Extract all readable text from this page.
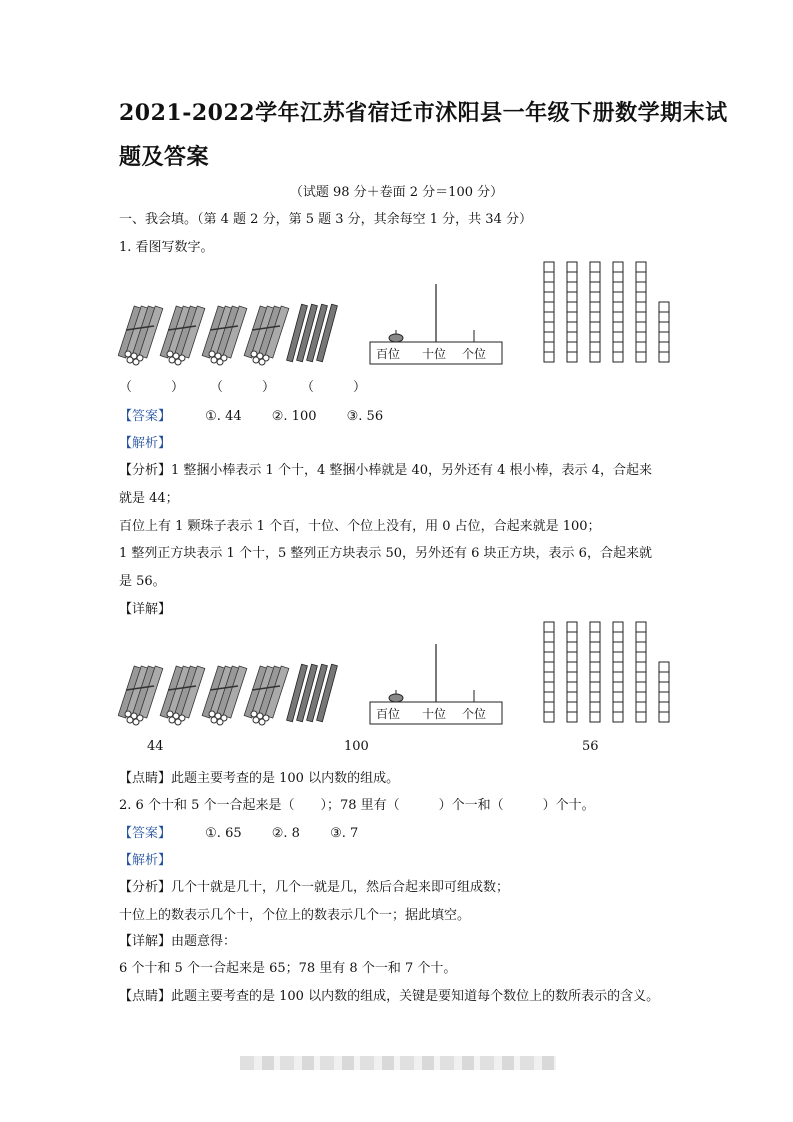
2021-2022学年江苏省宿迁市沭阳县一年级下册数学期末试
题及答案
（试题 98 分＋卷面 2 分＝100 分）
一、我会填。（第 4 题 2 分，第 5 题 3 分，其余每空 1 分，共 34 分）
1. 看图写数字。
百位 十位 个位
（　　　） （　　　） （　　　）
【答案】	①. 44 ②. 100 ③. 56
【解析】
【分析】1 整捆小棒表示 1 个十，4 整捆小棒就是 40，另外还有 4 根小棒，表示 4，合起来
就是 44；
百位上有 1 颗珠子表示 1 个百，十位、个位上没有，用 0 占位，合起来就是 100；
1 整列正方块表示 1 个十，5 整列正方块表示 50，另外还有 6 块正方块，表示 6，合起来就
是 56。
【详解】
百位 十位 个位
44	100	56
【点睛】此题主要考查的是 100 以内数的组成。
2. 6 个十和 5 个一合起来是（　　）；78 里有（　　　）个一和（　　　）个十。
【答案】	①. 65 ②. 8 ③. 7
【解析】
【分析】几个十就是几十，几个一就是几，然后合起来即可组成数；
十位上的数表示几个十，个位上的数表示几个一；据此填空。
【详解】由题意得：
6 个十和 5 个一合起来是 65；78 里有 8 个一和 7 个十。
【点睛】此题主要考查的是 100 以内数的组成，关键是要知道每个数位上的数所表示的含义。
